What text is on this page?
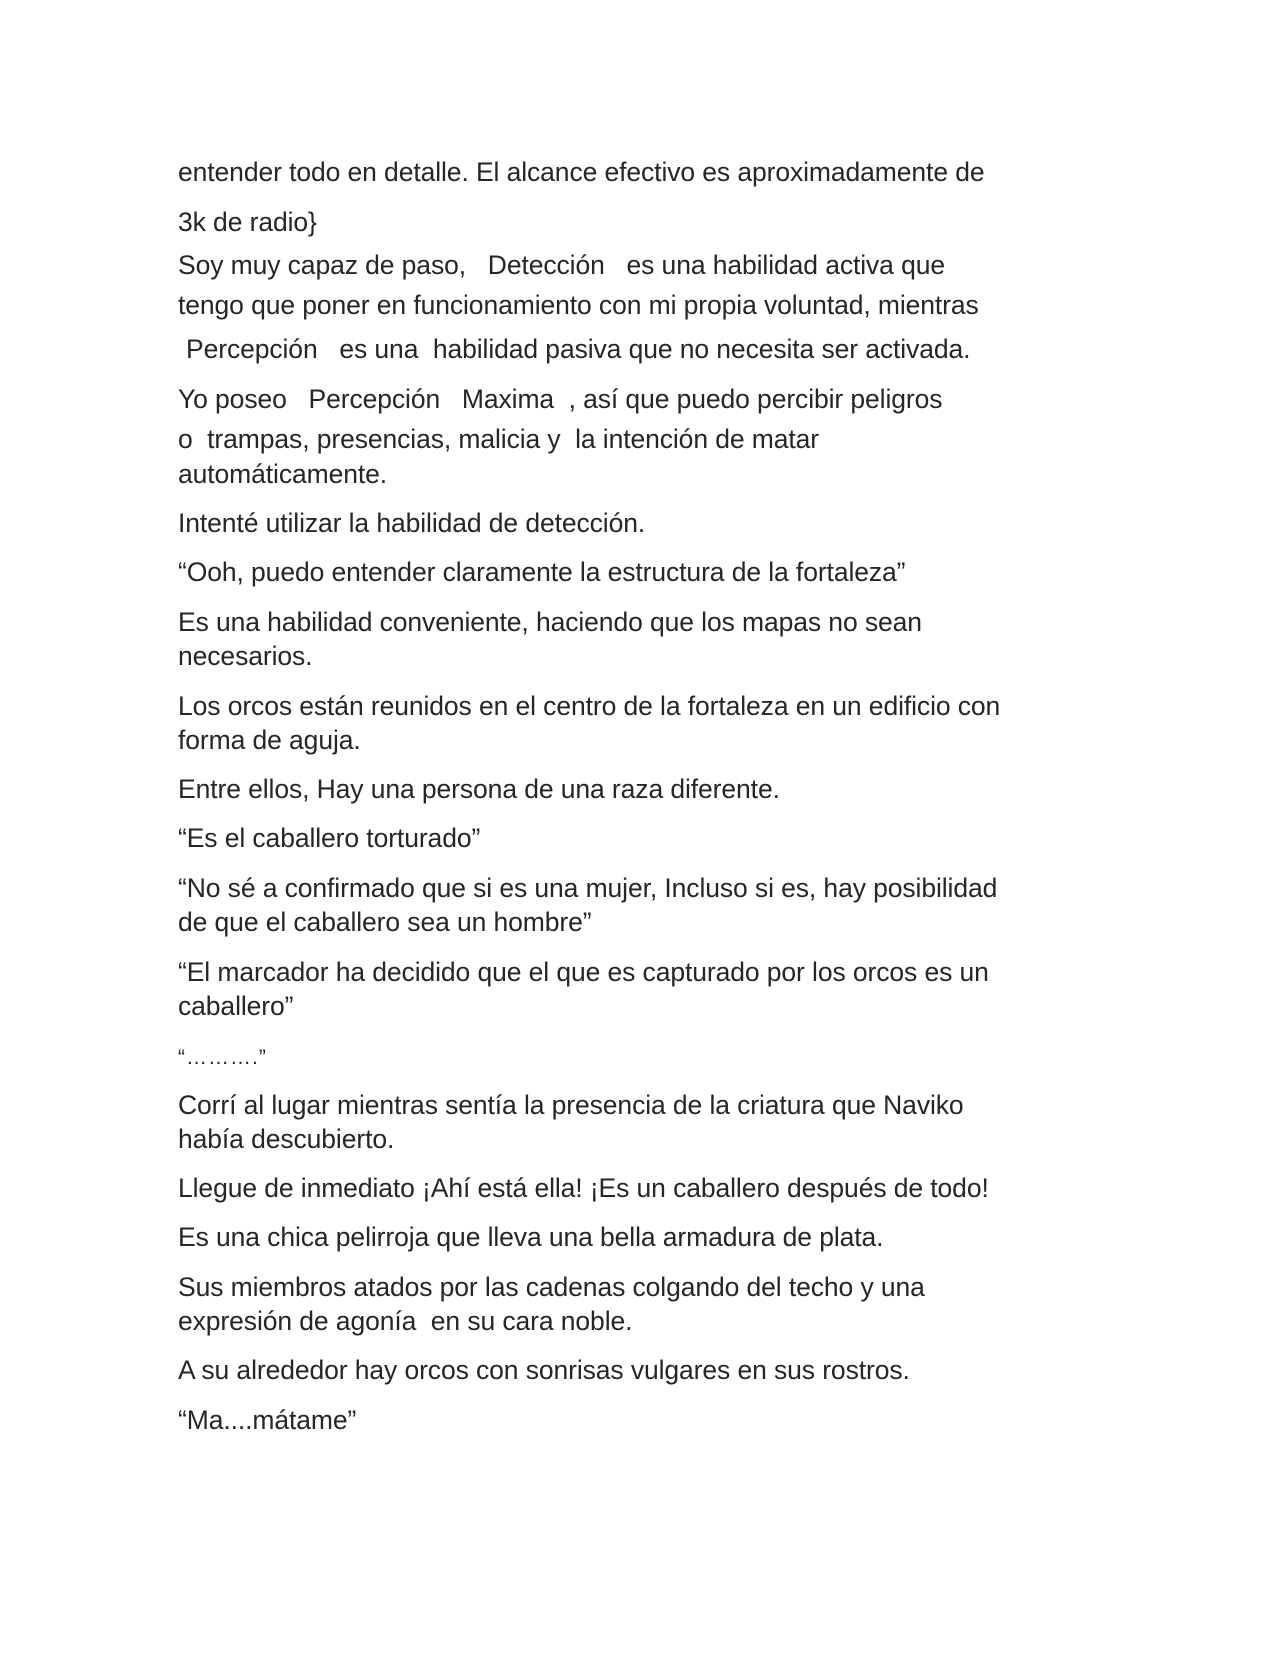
entender todo en detalle. El alcance efectivo es aproximadamente de
3k de radio}
Soy muy capaz de paso,   Detección   es una habilidad activa que
tengo que poner en funcionamiento con mi propia voluntad, mientras
Percepción   es una  habilidad pasiva que no necesita ser activada.
Yo poseo   Percepción   Maxima  , así que puedo percibir peligros
o  trampas, presencias, malicia y  la intención de matar
automáticamente.
Intenté utilizar la habilidad de detección.
“Ooh, puedo entender claramente la estructura de la fortaleza”
Es una habilidad conveniente, haciendo que los mapas no sean
necesarios.
Los orcos están reunidos en el centro de la fortaleza en un edificio con
forma de aguja.
Entre ellos, Hay una persona de una raza diferente.
“Es el caballero torturado”
“No sé a confirmado que si es una mujer, Incluso si es, hay posibilidad
de que el caballero sea un hombre”
“El marcador ha decidido que el que es capturado por los orcos es un
caballero”
“……….”
Corrí al lugar mientras sentía la presencia de la criatura que Naviko
había descubierto.
Llegue de inmediato ¡Ahí está ella! ¡Es un caballero después de todo!
Es una chica pelirroja que lleva una bella armadura de plata.
Sus miembros atados por las cadenas colgando del techo y una
expresión de agonía  en su cara noble.
A su alrededor hay orcos con sonrisas vulgares en sus rostros.
“Ma....mátame”
